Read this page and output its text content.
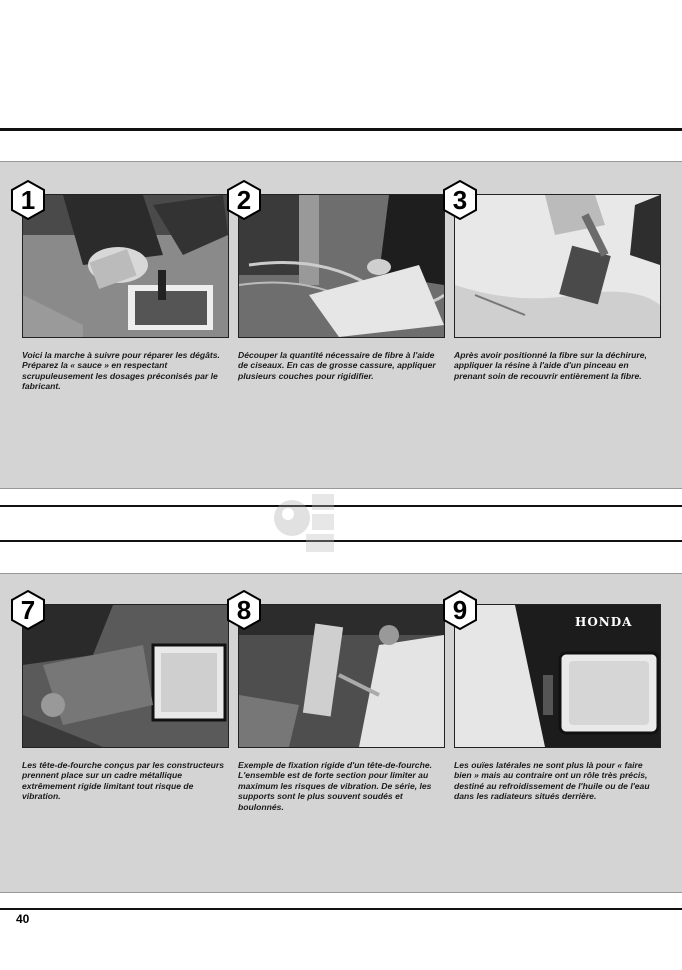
1

Voici la marche à suivre pour réparer les dégâts. Préparez la « sauce » en respectant scrupuleusement les dosages préconisés par le fabricant.

2

Découper la quantité nécessaire de fibre à l'aide de ciseaux. En cas de grosse cassure, appliquer plusieurs couches pour rigidifier.

3

Après avoir positionné la fibre sur la déchirure, appliquer la résine à l'aide d'un pinceau en prenant soin de recouvrir entièrement la fibre.

7

Les tête-de-fourche conçus par les constructeurs prennent place sur un cadre métallique extrêmement rigide limitant tout risque de vibration.

8

Exemple de fixation rigide d'un tête-de-fourche. L'ensemble est de forte section pour limiter au maximum les risques de vibration. De série, les supports sont le plus souvent soudés et boulonnés.

HONDA
9

Les ouïes latérales ne sont plus là pour « faire bien » mais au contraire ont un rôle très précis, destiné au refroidissement de l'huile ou de l'eau dans les radiateurs situés derrière.

40
